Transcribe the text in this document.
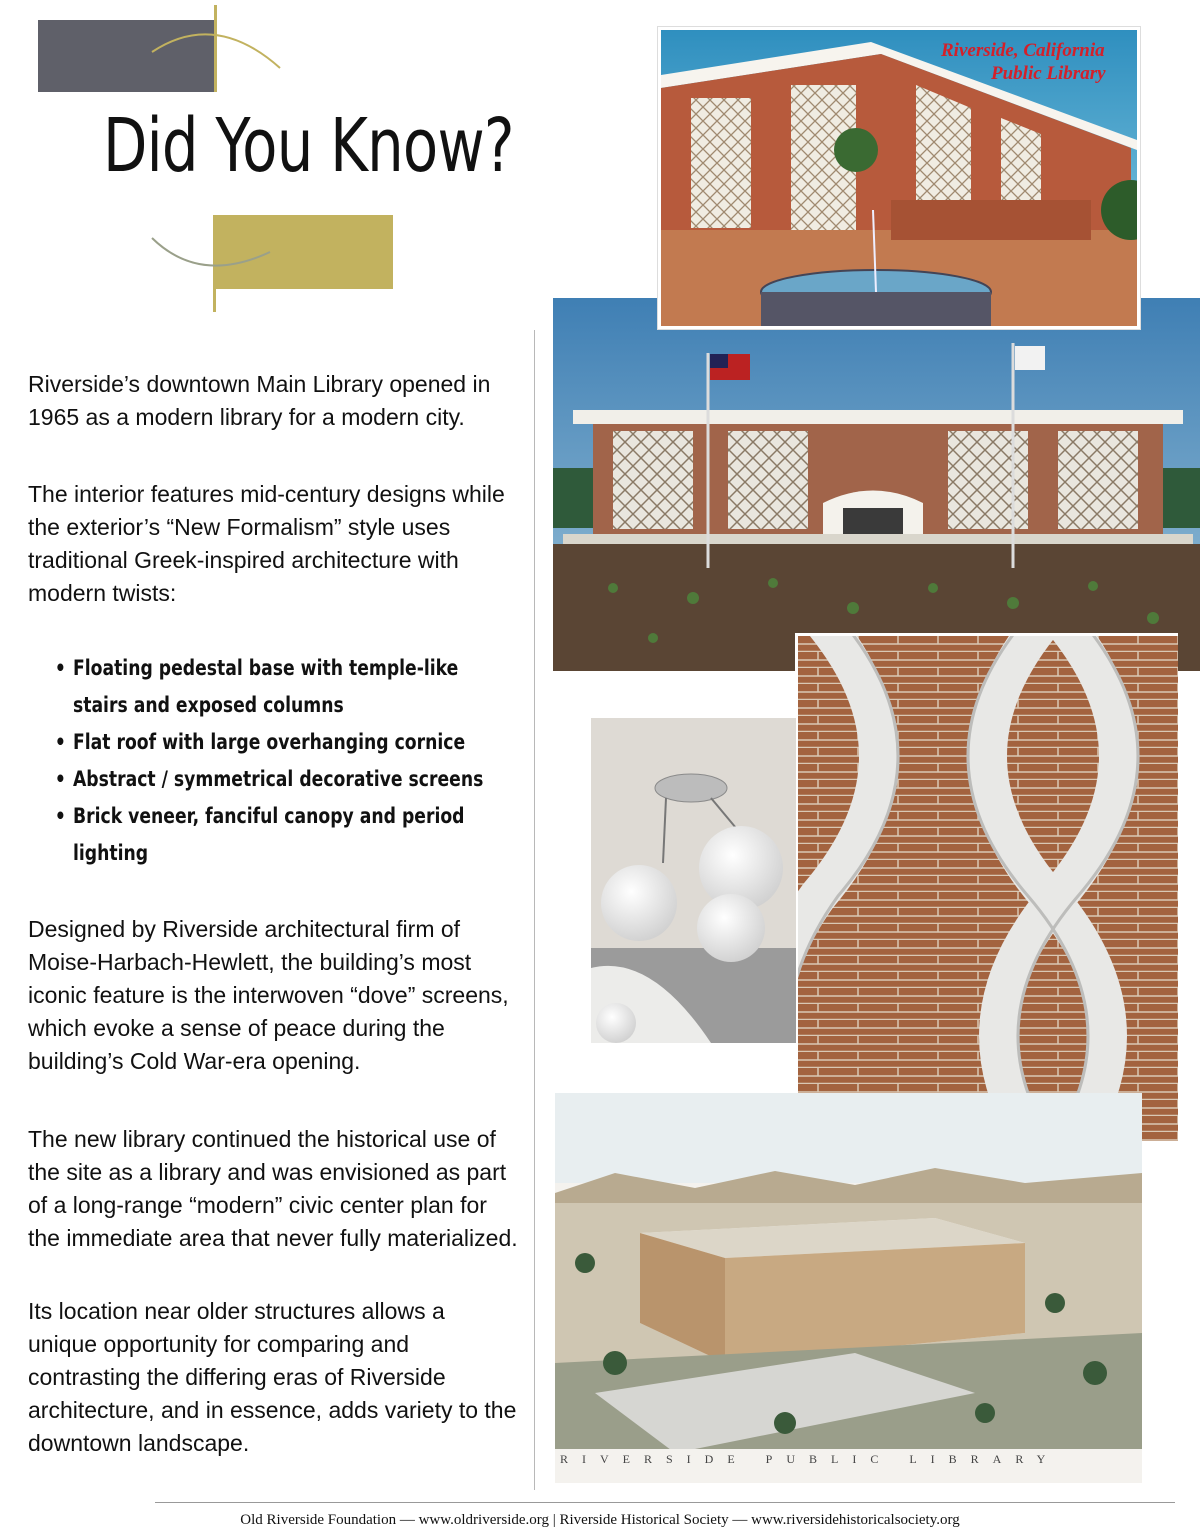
Did You Know?

Riverside’s downtown Main Library opened in 1965 as a modern library for a modern city.

The interior features mid-century designs while the exterior’s “New Formalism” style uses traditional Greek-inspired architecture with modern twists:

• Floating pedestal base with temple-like
stairs and exposed columns
• Flat roof with large overhanging cornice
• Abstract / symmetrical decorative screens
• Brick veneer, fanciful canopy and period
lighting

Designed by Riverside architectural firm of Moise-Harbach-Hewlett, the building’s most iconic feature is the interwoven “dove” screens, which evoke a sense of peace during the building’s Cold War-era opening.

The new library continued the historical use of the site as a library and was envisioned as part of a long-range “modern” civic center plan for the immediate area that never fully materialized.

Its location near older structures allows a unique opportunity for comparing and contrasting the differing eras of Riverside architecture, and in essence, adds variety to the downtown landscape.

Riverside, California
Public Library
RIVERSIDE PUBLIC LIBRARY
Old Riverside Foundation — www.oldriverside.org | Riverside Historical Society — www.riversidehistoricalsociety.org
